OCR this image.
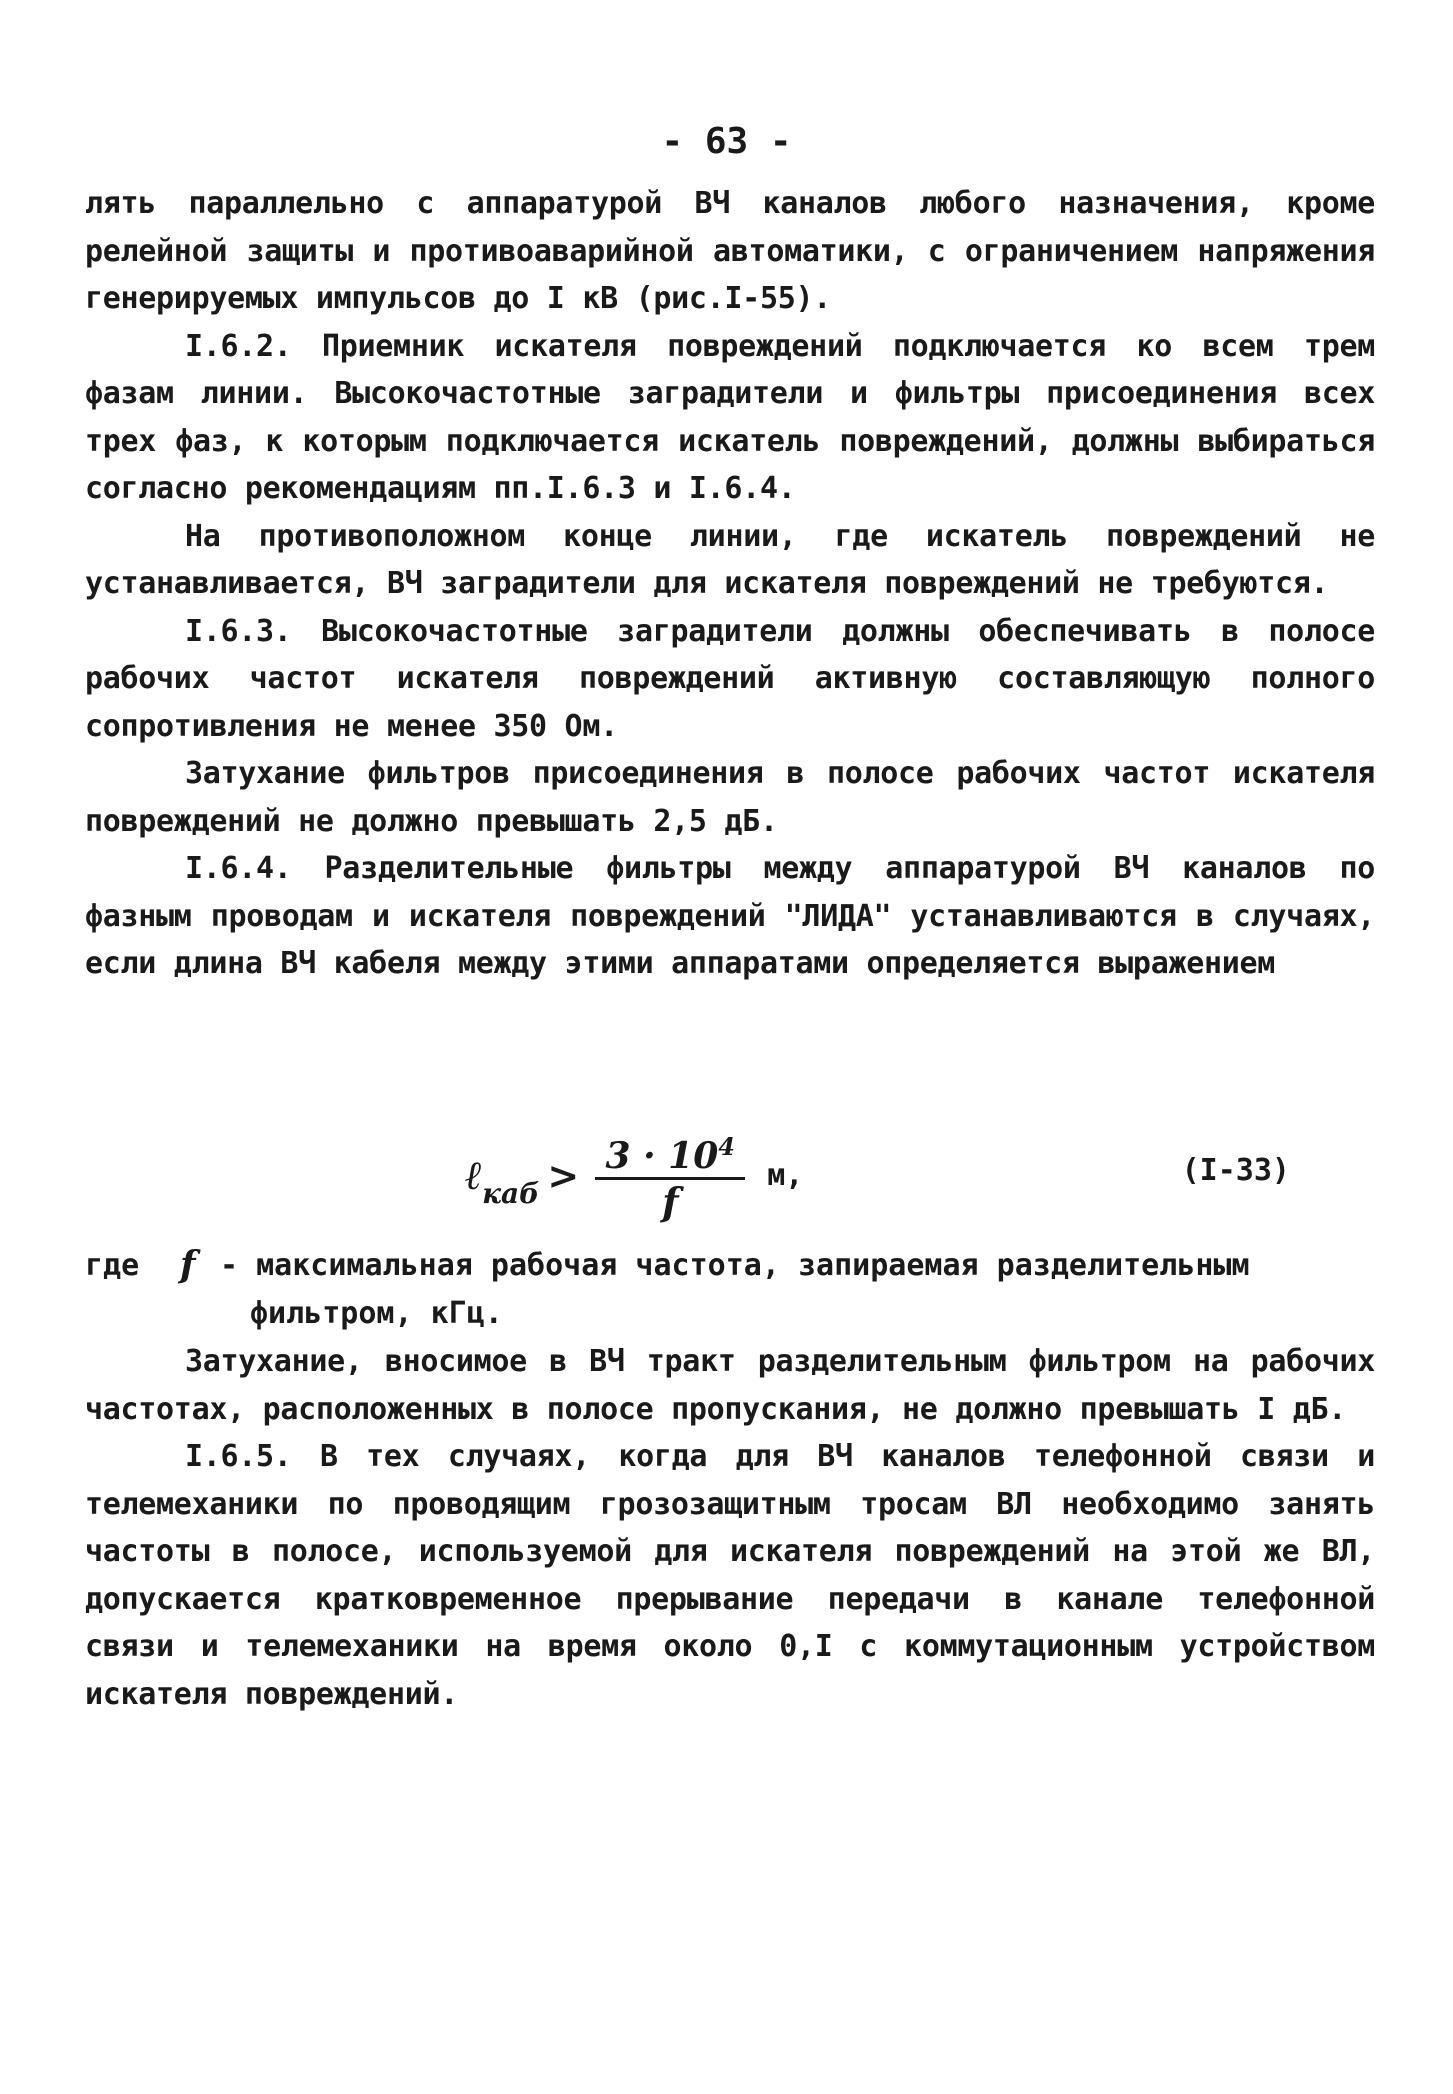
- 63 -

лять параллельно с аппаратурой ВЧ каналов любого назначения, кроме релейной защиты и противоаварийной автоматики, с ограничением напряжения генерируемых импульсов до I кВ (рис.I-55).

I.6.2. Приемник искателя повреждений подключается ко всем трем фазам линии. Высокочастотные заградители и фильтры присоединения всех трех фаз, к которым подключается искатель повреждений, должны выбираться согласно рекомендациям пп.I.6.3 и I.6.4.

На противоположном конце линии, где искатель повреждений не устанавливается, ВЧ заградители для искателя повреждений не требуются.

I.6.3. Высокочастотные заградители должны обеспечивать в полосе рабочих частот искателя повреждений активную составляющую полного сопротивления не менее 350 Ом.

Затухание фильтров присоединения в полосе рабочих частот искателя повреждений не должно превышать 2,5 дБ.

I.6.4. Разделительные фильтры между аппаратурой ВЧ каналов по фазным проводам и искателя повреждений "ЛИДА" устанавливаются в случаях, если длина ВЧ кабеля между этими аппаратами определяется выражением

ℓ каб > $\frac{3 \cdot 10^4}{f} м$,	(I-33)
где	f - максимальная рабочая частота, запираемая разделительным
фильтром, кГц.

Затухание, вносимое в ВЧ тракт разделительным фильтром на рабочих частотах, расположенных в полосе пропускания, не должно превышать I дБ.

I.6.5. В тех случаях, когда для ВЧ каналов телефонной связи и телемеханики по проводящим грозозащитным тросам ВЛ необходимо занять частоты в полосе, используемой для искателя повреждений на этой же ВЛ, допускается кратковременное прерывание передачи в канале телефонной связи и телемеханики на время около 0,I с коммутационным устройством искателя повреждений.
